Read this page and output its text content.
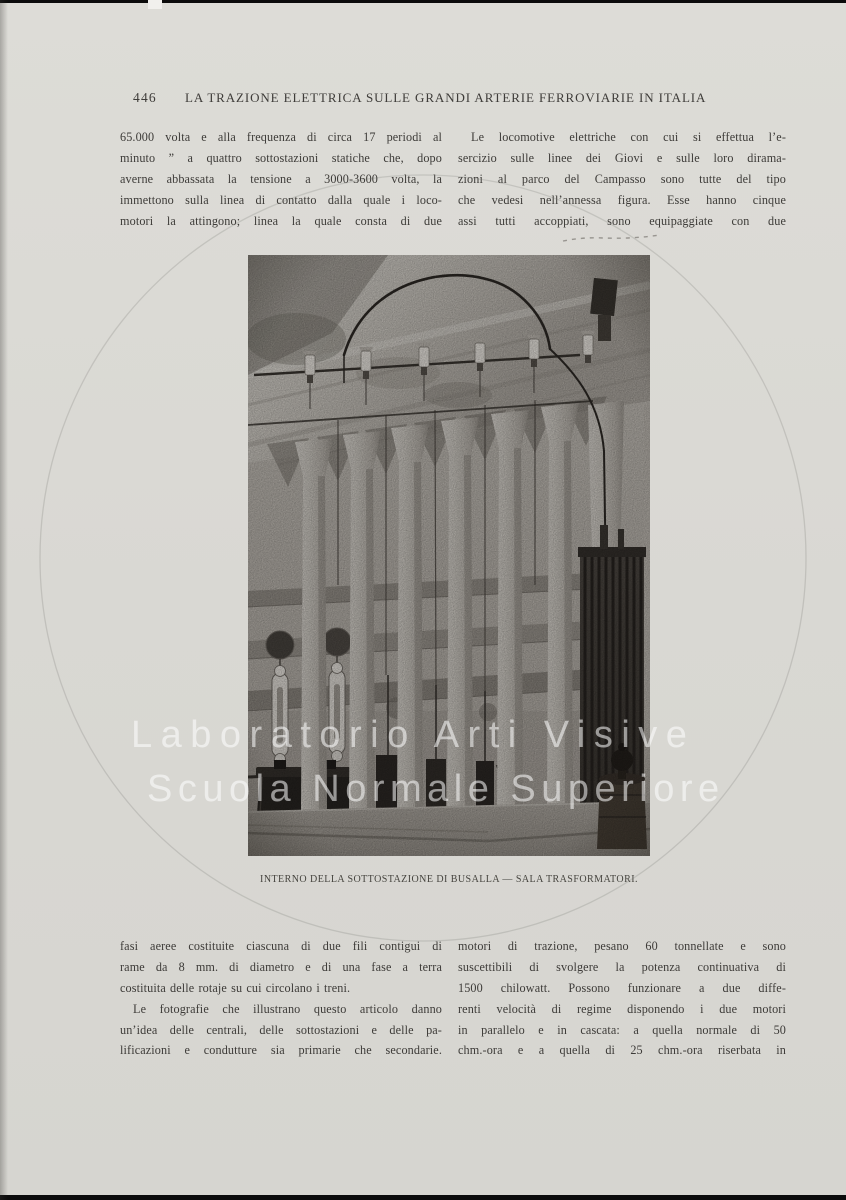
446 LA TRAZIONE ELETTRICA SULLE GRANDI ARTERIE FERROVIARIE IN ITALIA
65.000 volta e alla frequenza di circa 17 periodi al
minuto ” a quattro sottostazioni statiche che, dopo
averne abbassata la tensione a 3000-3600 volta, la
immettono sulla linea di contatto dalla quale i loco-
motori la attingono; linea la quale consta di due
Le locomotive elettriche con cui si effettua l’e-
sercizio sulle linee dei Giovi e sulle loro dirama-
zioni al parco del Campasso sono tutte del tipo
che vedesi nell’annessa figura. Esse hanno cinque
assi tutti accoppiati, sono equipaggiate con due
INTERNO DELLA SOTTOSTAZIONE DI BUSALLA — SALA TRASFORMATORI.
fasi aeree costituite ciascuna di due fili contigui di
rame da 8 mm. di diametro e di una fase a terra
costituita delle rotaje su cui circolano i treni.
Le fotografie che illustrano questo articolo danno
un’idea delle centrali, delle sottostazioni e delle pa-
lificazioni e condutture sia primarie che secondarie.
motori di trazione, pesano 60 tonnellate e sono
suscettibili di svolgere la potenza continuativa di
1500 chilowatt. Possono funzionare a due diffe-
renti velocità di regime disponendo i due motori
in parallelo e in cascata: a quella normale di 50
chm.-ora e a quella di 25 chm.-ora riserbata in
Laboratorio Arti Visive
Scuola Normale Superiore
